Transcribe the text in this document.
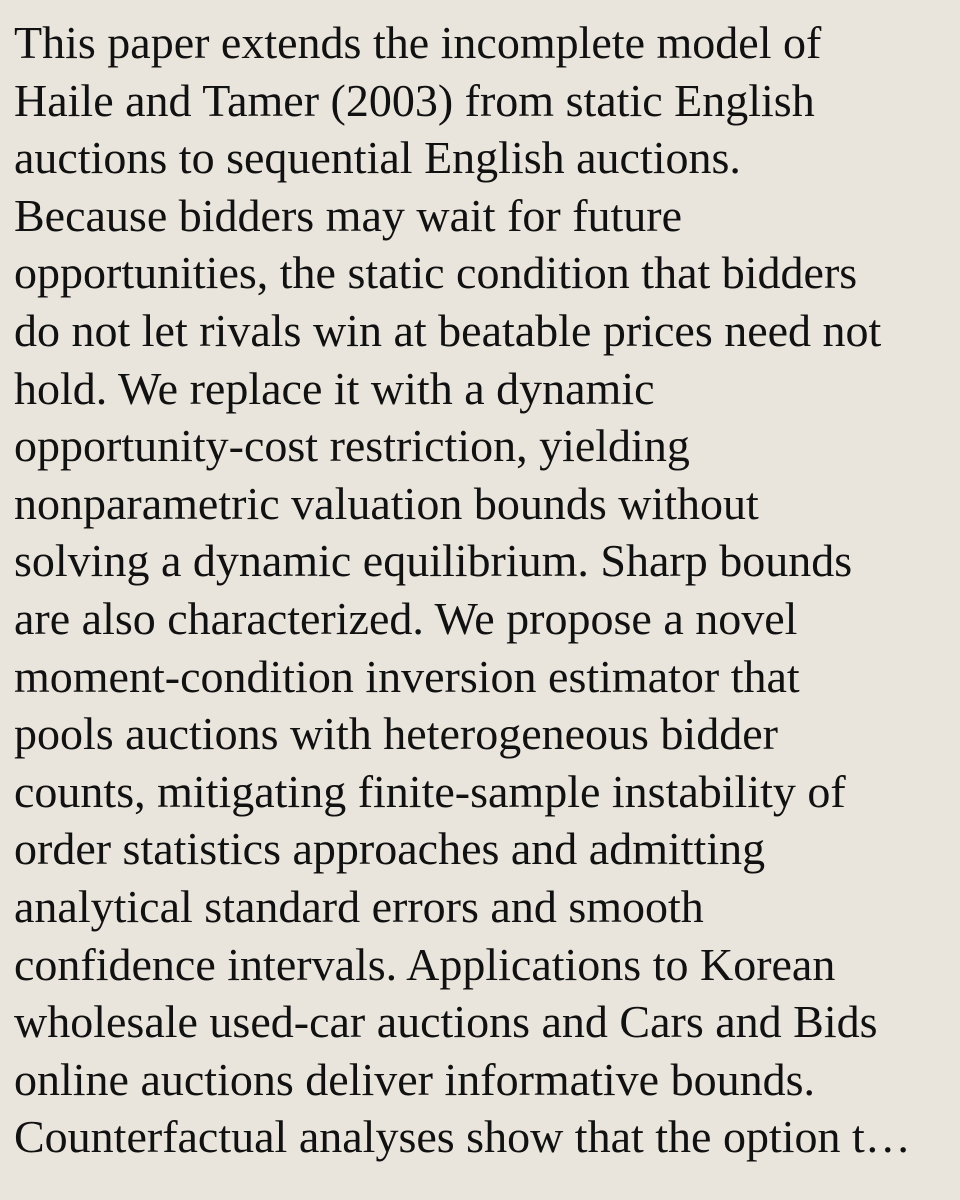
This paper extends the incomplete model of
Haile and Tamer (2003) from static English
auctions to sequential English auctions.
Because bidders may wait for future
opportunities, the static condition that bidders
do not let rivals win at beatable prices need not
hold. We replace it with a dynamic
opportunity-cost restriction, yielding
nonparametric valuation bounds without
solving a dynamic equilibrium. Sharp bounds
are also characterized. We propose a novel
moment-condition inversion estimator that
pools auctions with heterogeneous bidder
counts, mitigating finite-sample instability of
order statistics approaches and admitting
analytical standard errors and smooth
confidence intervals. Applications to Korean
wholesale used-car auctions and Cars and Bids
online auctions deliver informative bounds.
Counterfactual analyses show that the option t…
